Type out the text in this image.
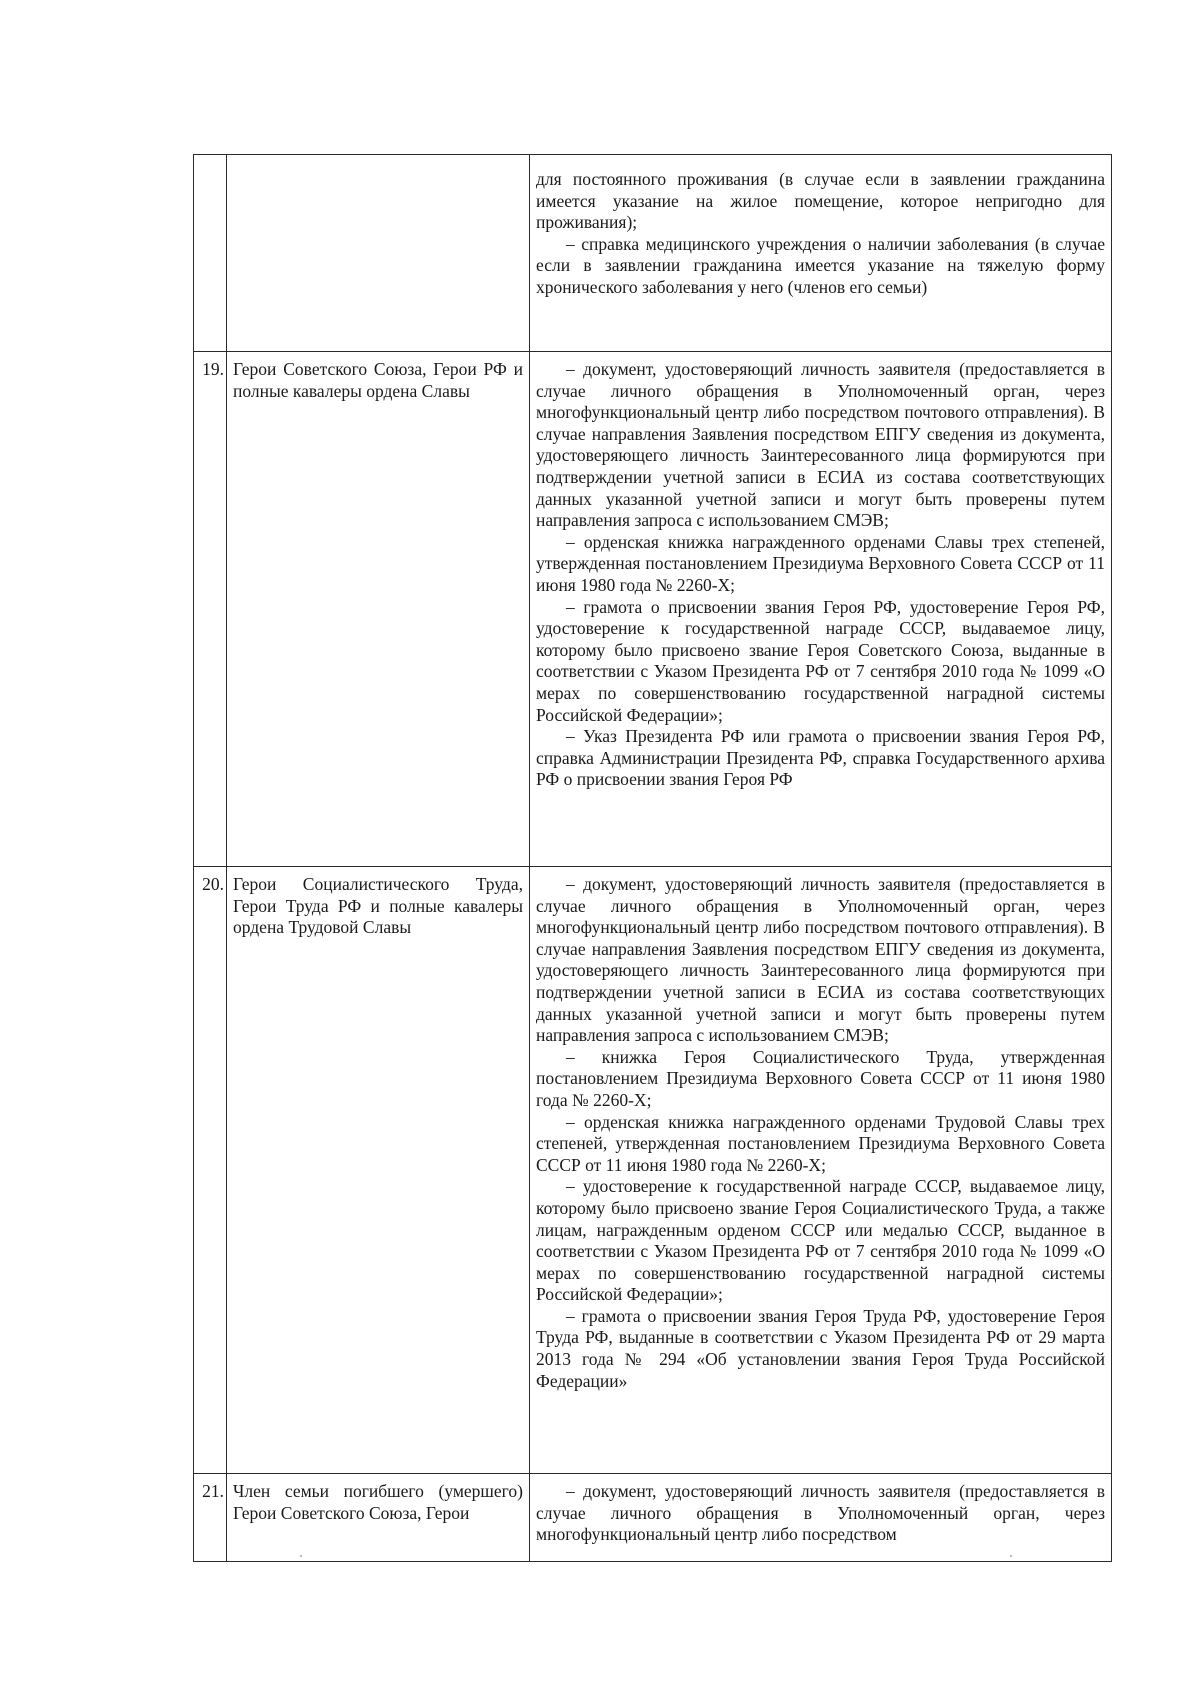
		для постоянного проживания (в случае если в заявлении гражданина имеется указание на жилое помещение, которое непригодно для проживания);
– справка медицинского учреждения о наличии заболевания (в случае если в заявлении гражданина имеется указание на тяжелую форму хронического заболевания у него (членов его семьи)

19.	Герои Советского Союза, Герои РФ и полные кавалеры ордена Славы	– документ, удостоверяющий личность заявителя (предоставляется в случае личного обращения в Уполномоченный орган, через многофункциональный центр либо посредством почтового отправления). В случае направления Заявления посредством ЕПГУ сведения из документа, удостоверяющего личность Заинтересованного лица формируются при подтверждении учетной записи в ЕСИА из состава соответствующих данных указанной учетной записи и могут быть проверены путем направления запроса с использованием СМЭВ;
– орденская книжка награжденного орденами Славы трех степеней, утвержденная постановлением Президиума Верховного Совета СССР от 11 июня 1980 года № 2260-Х;
– грамота о присвоении звания Героя РФ, удостоверение Героя РФ, удостоверение к государственной награде СССР, выдаваемое лицу, которому было присвоено звание Героя Советского Союза, выданные в соответствии с Указом Президента РФ от 7 сентября 2010 года № 1099 «О мерах по совершенствованию государственной наградной системы Российской Федерации»;
– Указ Президента РФ или грамота о присвоении звания Героя РФ, справка Администрации Президента РФ, справка Государственного архива РФ о присвоении звания Героя РФ

20.	Герои Социалистического Труда, Герои Труда РФ и полные кавалеры ордена Трудовой Славы	– документ, удостоверяющий личность заявителя (предоставляется в случае личного обращения в Уполномоченный орган, через многофункциональный центр либо посредством почтового отправления). В случае направления Заявления посредством ЕПГУ сведения из документа, удостоверяющего личность Заинтересованного лица формируются при подтверждении учетной записи в ЕСИА из состава соответствующих данных указанной учетной записи и могут быть проверены путем направления запроса с использованием СМЭВ;
– книжка Героя Социалистического Труда, утвержденная постановлением Президиума Верховного Совета СССР от 11 июня 1980 года № 2260-Х;
– орденская книжка награжденного орденами Трудовой Славы трех степеней, утвержденная постановлением Президиума Верховного Совета СССР от 11 июня 1980 года № 2260-Х;
– удостоверение к государственной награде СССР, выдаваемое лицу, которому было присвоено звание Героя Социалистического Труда, а также лицам, награжденным орденом СССР или медалью СССР, выданное в соответствии с Указом Президента РФ от 7 сентября 2010 года № 1099 «О мерах по совершенствованию государственной наградной системы Российской Федерации»;
– грамота о присвоении звания Героя Труда РФ, удостоверение Героя Труда РФ, выданные в соответствии с Указом Президента РФ от 29 марта 2013 года № 294 «Об установлении звания Героя Труда Российской Федерации»

21.	Член семьи погибшего (умершего) Герои Советского Союза, Герои	– документ, удостоверяющий личность заявителя (предоставляется в случае личного обращения в Уполномоченный орган, через многофункциональный центр либо посредством
